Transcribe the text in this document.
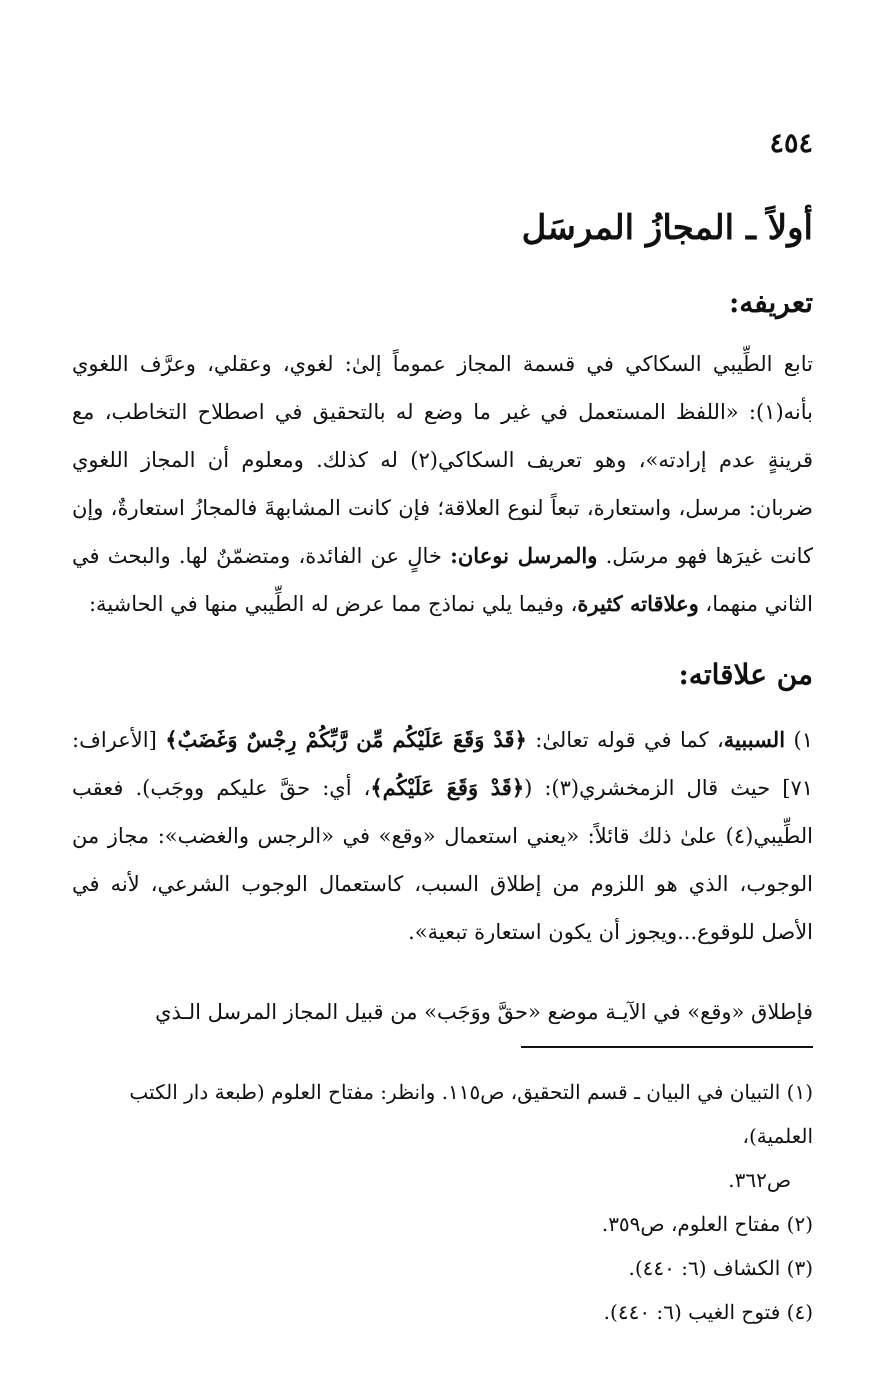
٤٥٤

أولاً ـ المجازُ المرسَل
تعريفه:

تابع الطِّيبي السكاكي في قسمة المجاز عموماً إلىٰ: لغوي، وعقلي، وعرَّف اللغوي بأنه(١): «اللفظ المستعمل في غير ما وضع له بالتحقيق في اصطلاح التخاطب، مع قرينةٍ عدم إرادته»، وهو تعريف السكاكي(٢) له كذلك. ومعلوم أن المجاز اللغوي ضربان: مرسل، واستعارة، تبعاً لنوع العلاقة؛ فإن كانت المشابهةَ فالمجازُ استعارةٌ، وإن كانت غيرَها فهو مرسَل. والمرسل نوعان: خالٍ عن الفائدة، ومتضمّنٌ لها. والبحث في الثاني منهما، وعلاقاته كثيرة، وفيما يلي نماذج مما عرض له الطِّيبي منها في الحاشية:

من علاقاته:

١) السببية، كما في قوله تعالىٰ: ﴿قَدْ وَقَعَ عَلَيْكُم مِّن رَّبِّكُمْ رِجْسٌ وَغَضَبٌ﴾ [الأعراف: ٧١] حيث قال الزمخشري(٣): (﴿قَدْ وَقَعَ عَلَيْكُم﴾، أي: حقَّ عليكم ووجَب). فعقب الطِّيبي(٤) علىٰ ذلك قائلاً: «يعني استعمال «وقع» في «الرجس والغضب»: مجاز من الوجوب، الذي هو اللزوم من إطلاق السبب، كاستعمال الوجوب الشرعي، لأنه في الأصل للوقوع...ويجوز أن يكون استعارة تبعية».

فإطلاق «وقع» في الآيـة موضع «حقَّ ووَجَب» من قبيل المجاز المرسل الـذي

(١) التبيان في البيان ـ قسم التحقيق، ص١١٥. وانظر: مفتاح العلوم (طبعة دار الكتب العلمية)،
ص٣٦٢.
(٢) مفتاح العلوم، ص٣٥٩.
(٣) الكشاف (٦: ٤٤٠).
(٤) فتوح الغيب (٦: ٤٤٠).
